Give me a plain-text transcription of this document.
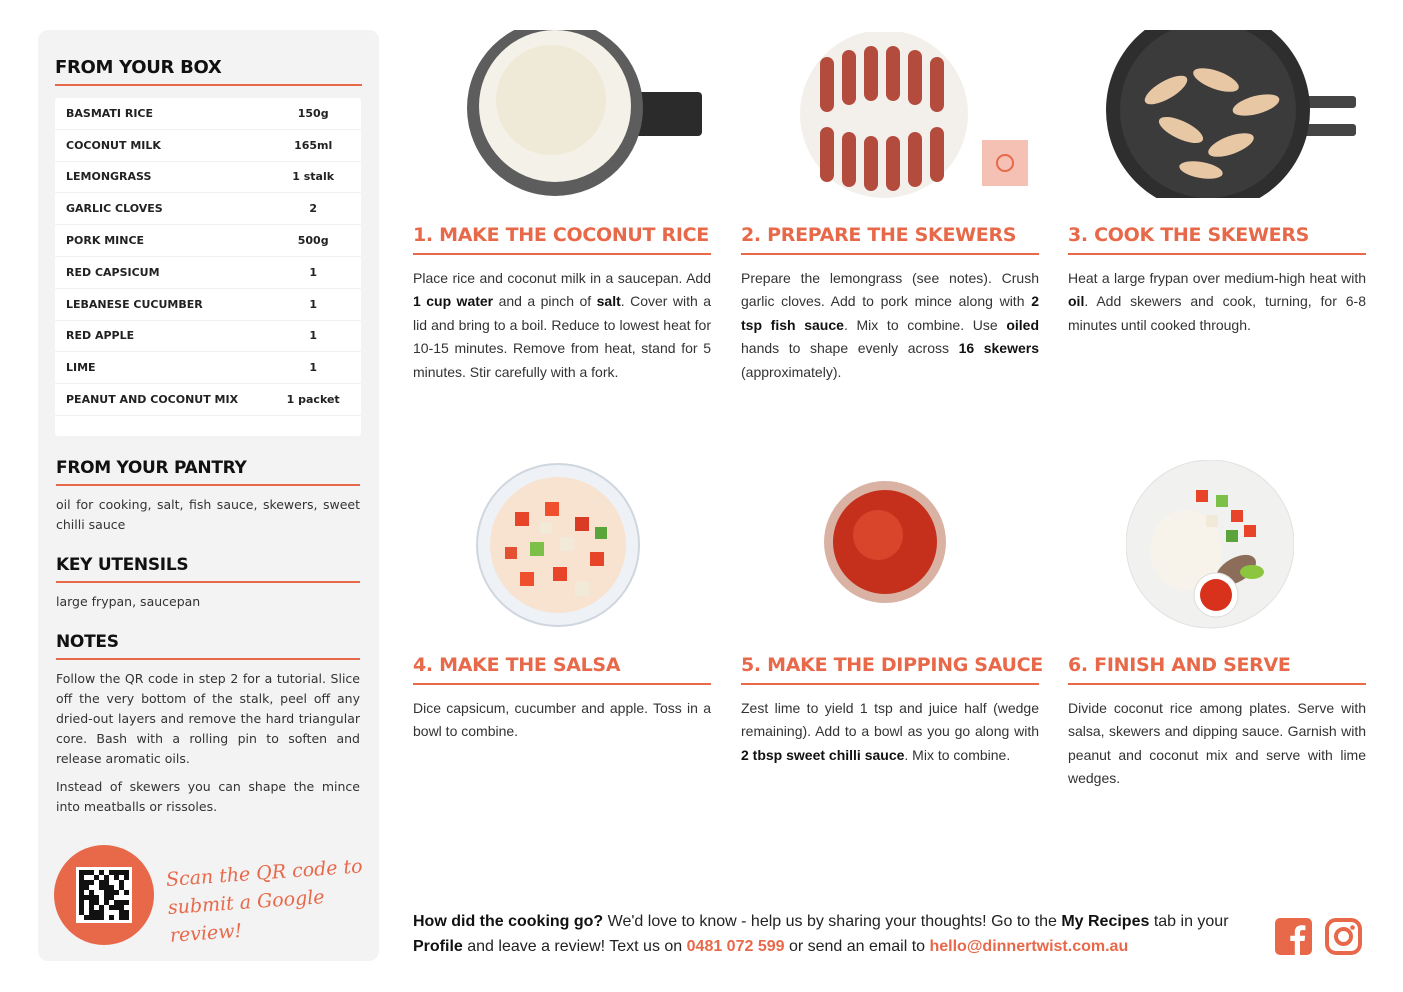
FROM YOUR BOX
BASMATI RICE	150g
COCONUT MILK	165ml
LEMONGRASS	1 stalk
GARLIC CLOVES	2
PORK MINCE	500g
RED CAPSICUM	1
LEBANESE CUCUMBER	1
RED APPLE	1
LIME	1
PEANUT AND COCONUT MIX	1 packet
FROM YOUR PANTRY
oil for cooking, salt, fish sauce, skewers, sweet chilli sauce
KEY UTENSILS
large frypan, saucepan
NOTES

Follow the QR code in step 2 for a tutorial. Slice off the very bottom of the stalk, peel off any dried-out layers and remove the hard triangular core. Bash with a rolling pin to soften and release aromatic oils.

Instead of skewers you can shape the mince into meatballs or rissoles.

Scan the QR code to
submit a Google review!
1. MAKE THE COCONUT RICE
Place rice and coconut milk in a saucepan. Add 1 cup water and a pinch of salt. Cover with a lid and bring to a boil. Reduce to lowest heat for 10-15 minutes. Remove from heat, stand for 5 minutes. Stir carefully with a fork.
2. PREPARE THE SKEWERS
Prepare the lemongrass (see notes). Crush garlic cloves. Add to pork mince along with 2 tsp fish sauce. Mix to combine. Use oiled hands to shape evenly across 16 skewers (approximately).
3. COOK THE SKEWERS
Heat a large frypan over medium-high heat with oil. Add skewers and cook, turning, for 6-8 minutes until cooked through.
4. MAKE THE SALSA
Dice capsicum, cucumber and apple. Toss in a bowl to combine.
5. MAKE THE DIPPING SAUCE
Zest lime to yield 1 tsp and juice half (wedge remaining). Add to a bowl as you go along with 2 tbsp sweet chilli sauce. Mix to combine.
6. FINISH AND SERVE
Divide coconut rice among plates. Serve with salsa, skewers and dipping sauce. Garnish with peanut and coconut mix and serve with lime wedges.
How did the cooking go? We'd love to know - help us by sharing your thoughts! Go to the My Recipes tab in your Profile and leave a review! Text us on 0481 072 599 or send an email to hello@dinnertwist.com.au
